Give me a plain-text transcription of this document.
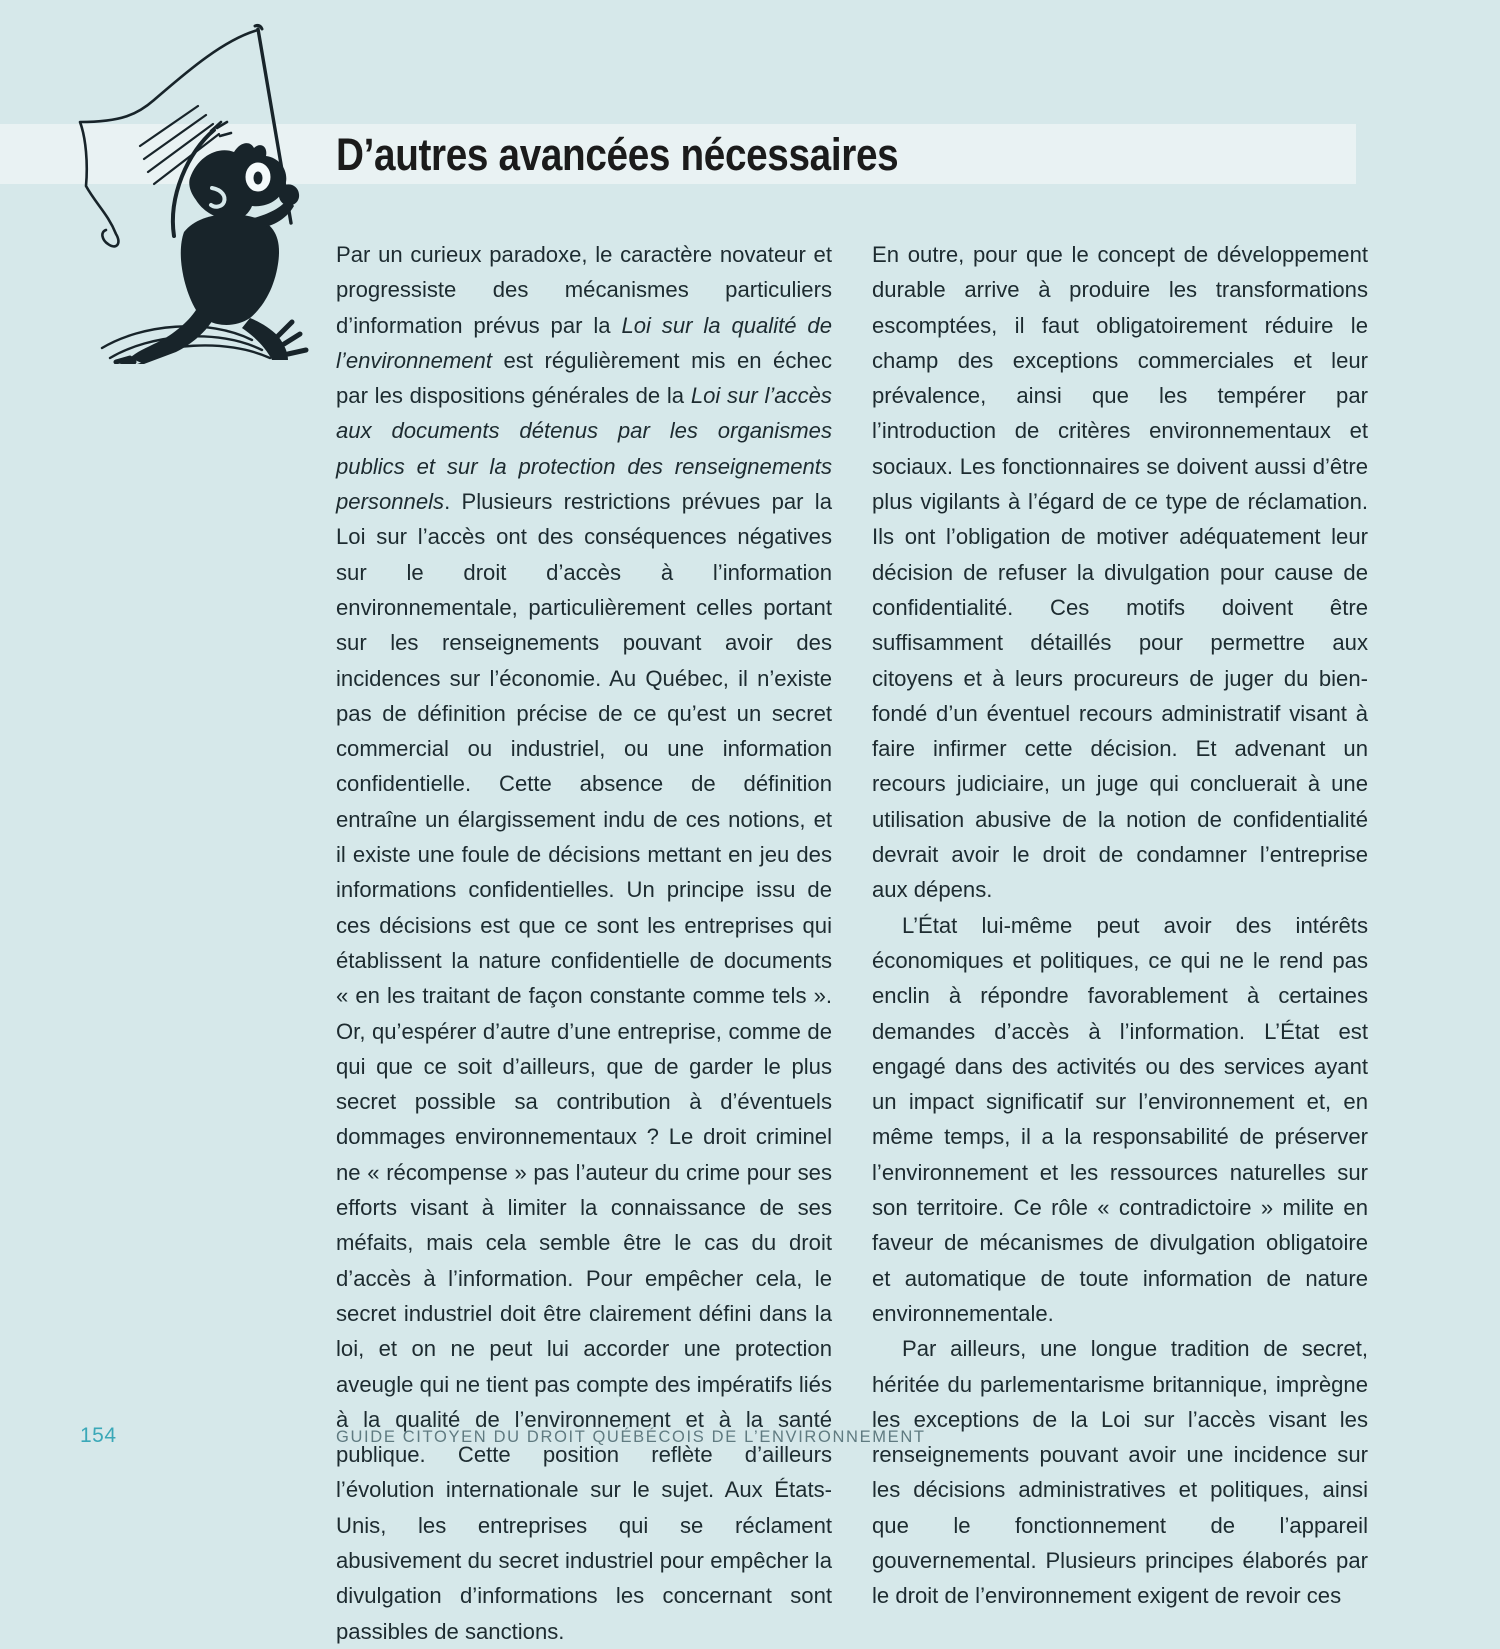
D’autres avancées nécessaires

Par un curieux paradoxe, le caractère novateur et progressiste des mécanismes particuliers d’information prévus par la Loi sur la qualité de l’environnement est régulièrement mis en échec par les dispositions générales de la Loi sur l’accès aux documents détenus par les organismes publics et sur la protection des renseignements personnels. Plusieurs restrictions prévues par la Loi sur l’accès ont des conséquences négatives sur le droit d’accès à l’information environnementale, particulièrement celles portant sur les renseignements pouvant avoir des incidences sur l’économie. Au Québec, il n’existe pas de définition précise de ce qu’est un secret commercial ou industriel, ou une information confidentielle. Cette absence de définition entraîne un élargissement indu de ces notions, et il existe une foule de décisions mettant en jeu des informations confidentielles. Un principe issu de ces décisions est que ce sont les entreprises qui établissent la nature confidentielle de documents « en les traitant de façon constante comme tels ». Or, qu’espérer d’autre d’une entreprise, comme de qui que ce soit d’ailleurs, que de garder le plus secret possible sa contribution à d’éventuels dommages environnementaux ? Le droit criminel ne « récompense » pas l’auteur du crime pour ses efforts visant à limiter la connaissance de ses méfaits, mais cela semble être le cas du droit d’accès à l’information. Pour empêcher cela, le secret industriel doit être clairement défini dans la loi, et on ne peut lui accorder une protection aveugle qui ne tient pas compte des impératifs liés à la qualité de l’environnement et à la santé publique. Cette position reflète d’ailleurs l’évolution internationale sur le sujet. Aux États-Unis, les entreprises qui se réclament abusivement du secret industriel pour empêcher la divulgation d’informations les concernant sont passibles de sanctions.

En outre, pour que le concept de développement durable arrive à produire les transformations escomptées, il faut obligatoirement réduire le champ des exceptions commerciales et leur prévalence, ainsi que les tempérer par l’introduction de critères environnementaux et sociaux. Les fonctionnaires se doivent aussi d’être plus vigilants à l’égard de ce type de réclamation. Ils ont l’obligation de motiver adéquatement leur décision de refuser la divulgation pour cause de confidentialité. Ces motifs doivent être suffisamment détaillés pour permettre aux citoyens et à leurs procureurs de juger du bien-fondé d’un éventuel recours administratif visant à faire infirmer cette décision. Et advenant un recours judiciaire, un juge qui concluerait à une utilisation abusive de la notion de confidentialité devrait avoir le droit de condamner l’entreprise aux dépens.

L’État lui-même peut avoir des intérêts économiques et politiques, ce qui ne le rend pas enclin à répondre favorablement à certaines demandes d’accès à l’information. L’État est engagé dans des activités ou des services ayant un impact significatif sur l’environnement et, en même temps, il a la responsabilité de préserver l’environnement et les ressources naturelles sur son territoire. Ce rôle « contradictoire » milite en faveur de mécanismes de divulgation obligatoire et automatique de toute information de nature environnementale.

Par ailleurs, une longue tradition de secret, héritée du parlementarisme britannique, imprègne les exceptions de la Loi sur l’accès visant les renseignements pouvant avoir une incidence sur les décisions administratives et politiques, ainsi que le fonctionnement de l’appareil gouvernemental. Plusieurs principes élaborés par le droit de l’environnement exigent de revoir ces

154	GUIDE CITOYEN DU DROIT QUÉBÉCOIS DE L’ENVIRONNEMENT
